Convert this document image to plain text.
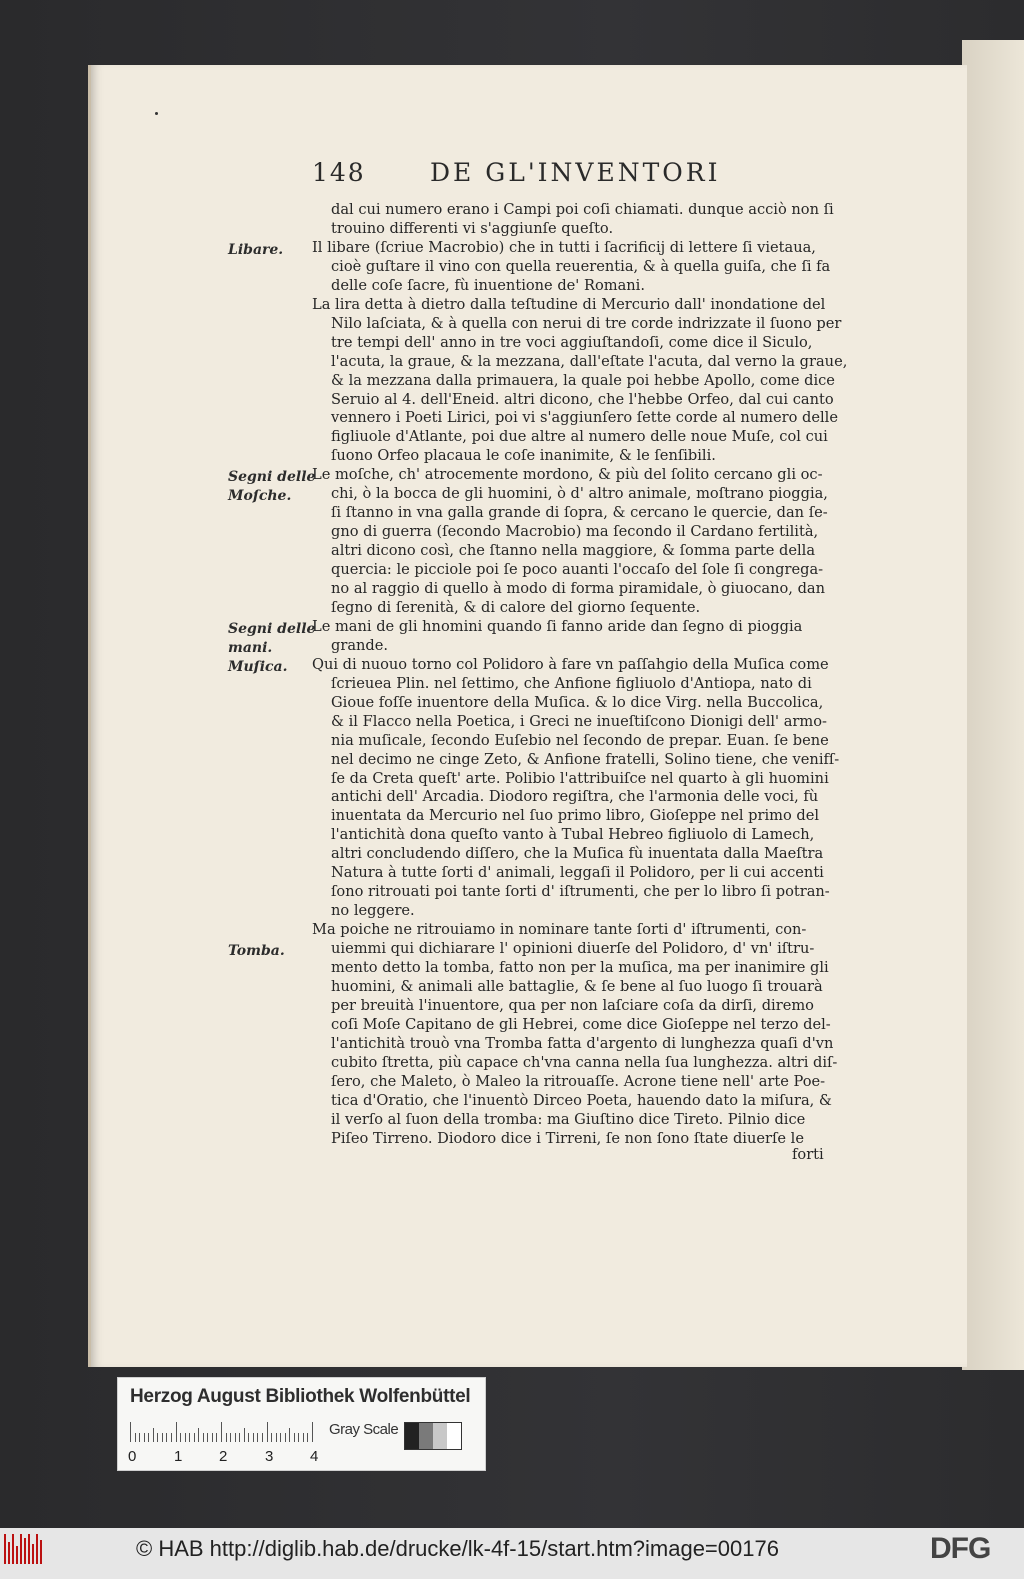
148	DE GL'INVENTORI
dal cui numero erano i Campi poi coſi chiamati. dunque acciò non ſi
trouino differenti vi s'aggiunſe queſto.
Il libare (ſcriue Macrobio) che in tutti i ſacrificij di lettere ſi vietaua,
cioè guſtare il vino con quella reuerentia, & à quella guiſa, che ſi fa
delle coſe ſacre, fù inuentione de' Romani.
La lira detta à dietro dalla teſtudine di Mercurio dall' inondatione del
Nilo laſciata, & à quella con nerui di tre corde indrizzate il ſuono per
tre tempi dell' anno in tre voci aggiuſtandoſi, come dice il Siculo,
l'acuta, la graue, & la mezzana, dall'eſtate l'acuta, dal verno la graue,
& la mezzana dalla primauera, la quale poi hebbe Apollo, come dice
Seruio al 4. dell'Eneid. altri dicono, che l'hebbe Orfeo, dal cui canto
vennero i Poeti Lirici, poi vi s'aggiunſero ſette corde al numero delle
figliuole d'Atlante, poi due altre al numero delle noue Muſe, col cui
ſuono Orfeo placaua le coſe inanimite, & le ſenſibili.
Le moſche, ch' atrocemente mordono, & più del ſolito cercano gli oc-
chi, ò la bocca de gli huomini, ò d' altro animale, moſtrano pioggia,
ſi ſtanno in vna galla grande di ſopra, & cercano le quercie, dan ſe-
gno di guerra (ſecondo Macrobio) ma ſecondo il Cardano fertilità,
altri dicono così, che ſtanno nella maggiore, & ſomma parte della
quercia: le picciole poi ſe poco auanti l'occaſo del ſole ſi congrega-
no al raggio di quello à modo di forma piramidale, ò giuocano, dan
ſegno di ſerenità, & di calore del giorno ſequente.
Le mani de gli hnomini quando ſi fanno aride dan ſegno di pioggia
grande.
Qui di nuouo torno col Polidoro à fare vn paſſahgio della Muſica come
ſcrieuea Plin. nel ſettimo, che Anfione figliuolo d'Antiopa, nato di
Gioue foſſe inuentore della Muſica. & lo dice Virg. nella Buccolica,
& il Flacco nella Poetica, i Greci ne inueſtiſcono Dionigi dell' armo-
nia muſicale, ſecondo Euſebio nel ſecondo de prepar. Euan. ſe bene
nel decimo ne cinge Zeto, & Anfione fratelli, Solino tiene, che venifſ-
ſe da Creta queſt' arte. Polibio l'attribuiſce nel quarto à gli huomini
antichi dell' Arcadia. Diodoro regiſtra, che l'armonia delle voci, fù
inuentata da Mercurio nel ſuo primo libro, Gioſeppe nel primo del
l'antichità dona queſto vanto à Tubal Hebreo figliuolo di Lamech,
altri concludendo diſſero, che la Muſica fù inuentata dalla Maeſtra
Natura à tutte ſorti d' animali, leggaſi il Polidoro, per li cui accenti
ſono ritrouati poi tante ſorti d' iſtrumenti, che per lo libro ſi potran-
no leggere.
Ma poiche ne ritrouiamo in nominare tante ſorti d' iſtrumenti, con-
uiemmi qui dichiarare l' opinioni diuerſe del Polidoro, d' vn' iſtru-
mento detto la tomba, fatto non per la muſica, ma per inanimire gli
huomini, & animali alle battaglie, & ſe bene al ſuo luogo ſi trouarà
per breuità l'inuentore, qua per non laſciare coſa da dirſi, diremo
coſi Moſe Capitano de gli Hebrei, come dice Gioſeppe nel terzo del-
l'antichità trouò vna Tromba fatta d'argento di lunghezza quaſi d'vn
cubito ſtretta, più capace ch'vna canna nella ſua lunghezza. altri diſ-
ſero, che Maleto, ò Maleo la ritrouaſſe. Acrone tiene nell' arte Poe-
tica d'Oratio, che l'inuentò Dirceo Poeta, hauendo dato la miſura, &
il verſo al ſuon della tromba: ma Giuſtino dice Tireto. Pilnio dice
Piſeo Tirreno. Diodoro dice i Tirreni, ſe non ſono ſtate diuerſe le
Libare.
Segni delle
Moſche.
Segni delle
mani.
Muſica.
Tomba.
forti
Herzog August Bibliothek Wolfenbüttel
Gray Scale
0	1 2	3 4
© HAB http://diglib.hab.de/drucke/lk-4f-15/start.htm?image=00176	DFG
